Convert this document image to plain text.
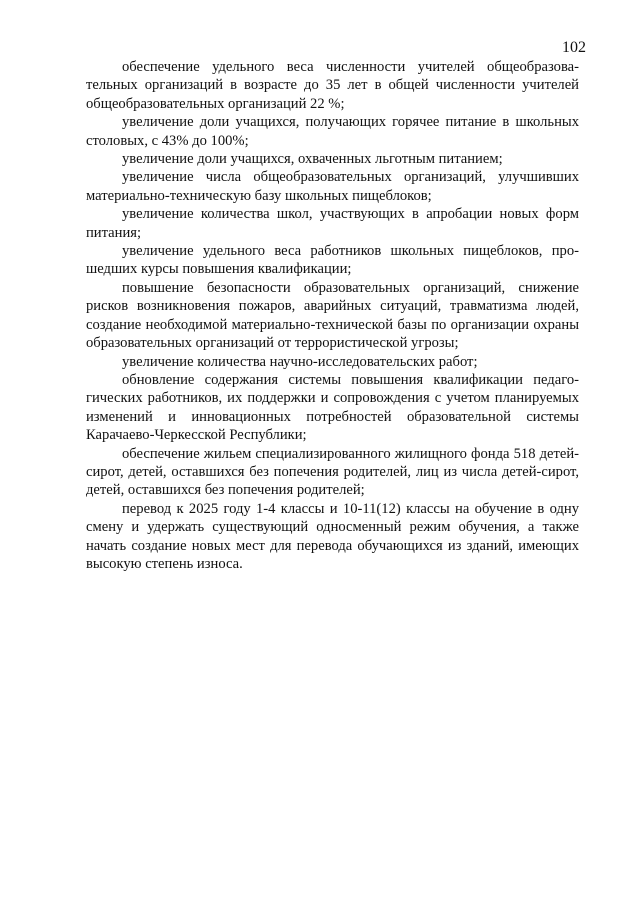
102

обеспечение удельного веса численности учителей общеобразовательных организаций в возрасте до 35 лет в общей численности учителей общеобразовательных организаций 22 %;

увеличение доли учащихся, получающих горячее питание в школьных столовых, с 43% до 100%;

увеличение доли учащихся, охваченных льготным питанием;

увеличение числа общеобразовательных организаций, улучшивших материально-техническую базу школьных пищеблоков;

увеличение количества школ, участвующих в апробации новых форм питания;

увеличение удельного веса работников школьных пищеблоков, прошедших курсы повышения квалификации;

повышение безопасности образовательных организаций, снижение рисков возникновения пожаров, аварийных ситуаций, травматизма людей, создание необходимой материально-технической базы по организации охраны образовательных организаций от террористической угрозы;

увеличение количества научно-исследовательских работ;

обновление содержания системы повышения квалификации педагогических работников, их поддержки и сопровождения с учетом планируемых изменений и инновационных потребностей образовательной системы Карачаево-Черкесской Республики;

обеспечение жильем специализированного жилищного фонда 518 детей-сирот, детей, оставшихся без попечения родителей, лиц из числа детей-сирот, детей, оставшихся без попечения родителей;

перевод к 2025 году 1-4 классы и 10-11(12) классы на обучение в одну смену и удержать существующий односменный режим обучения, а также начать создание новых мест для перевода обучающихся из зданий, имеющих высокую степень износа.
